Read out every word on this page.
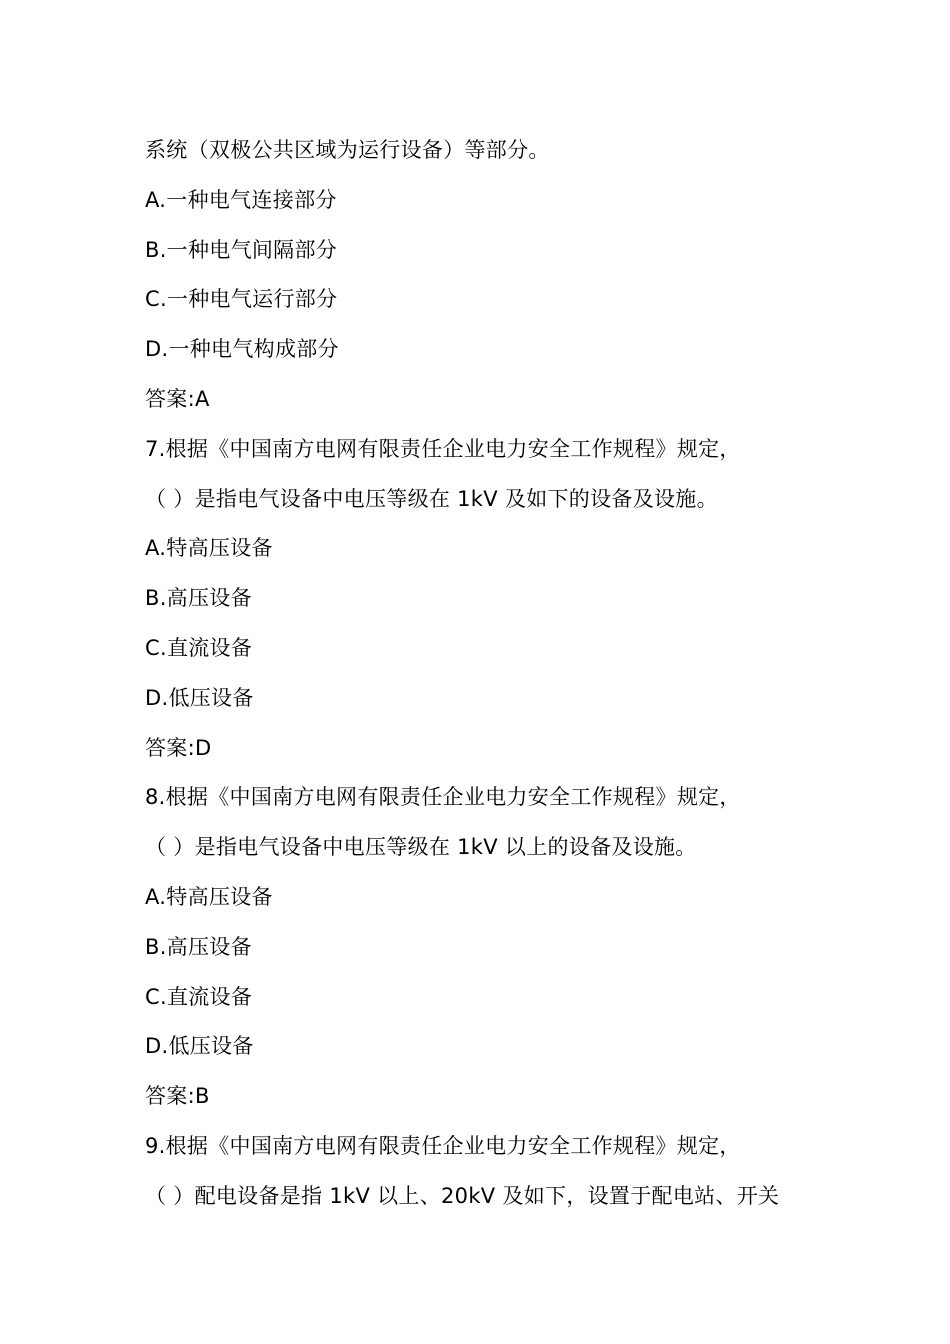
系统（双极公共区域为运行设备）等部分。
A.一种电气连接部分
B.一种电气间隔部分
C.一种电气运行部分
D.一种电气构成部分
答案:A
7.根据《中国南方电网有限责任企业电力安全工作规程》规定，
（ ）是指电气设备中电压等级在 1kV 及如下的设备及设施。
A.特高压设备
B.高压设备
C.直流设备
D.低压设备
答案:D
8.根据《中国南方电网有限责任企业电力安全工作规程》规定，
（ ）是指电气设备中电压等级在 1kV 以上的设备及设施。
A.特高压设备
B.高压设备
C.直流设备
D.低压设备
答案:B
9.根据《中国南方电网有限责任企业电力安全工作规程》规定，
（ ）配电设备是指 1kV 以上、20kV 及如下，设置于配电站、开关
